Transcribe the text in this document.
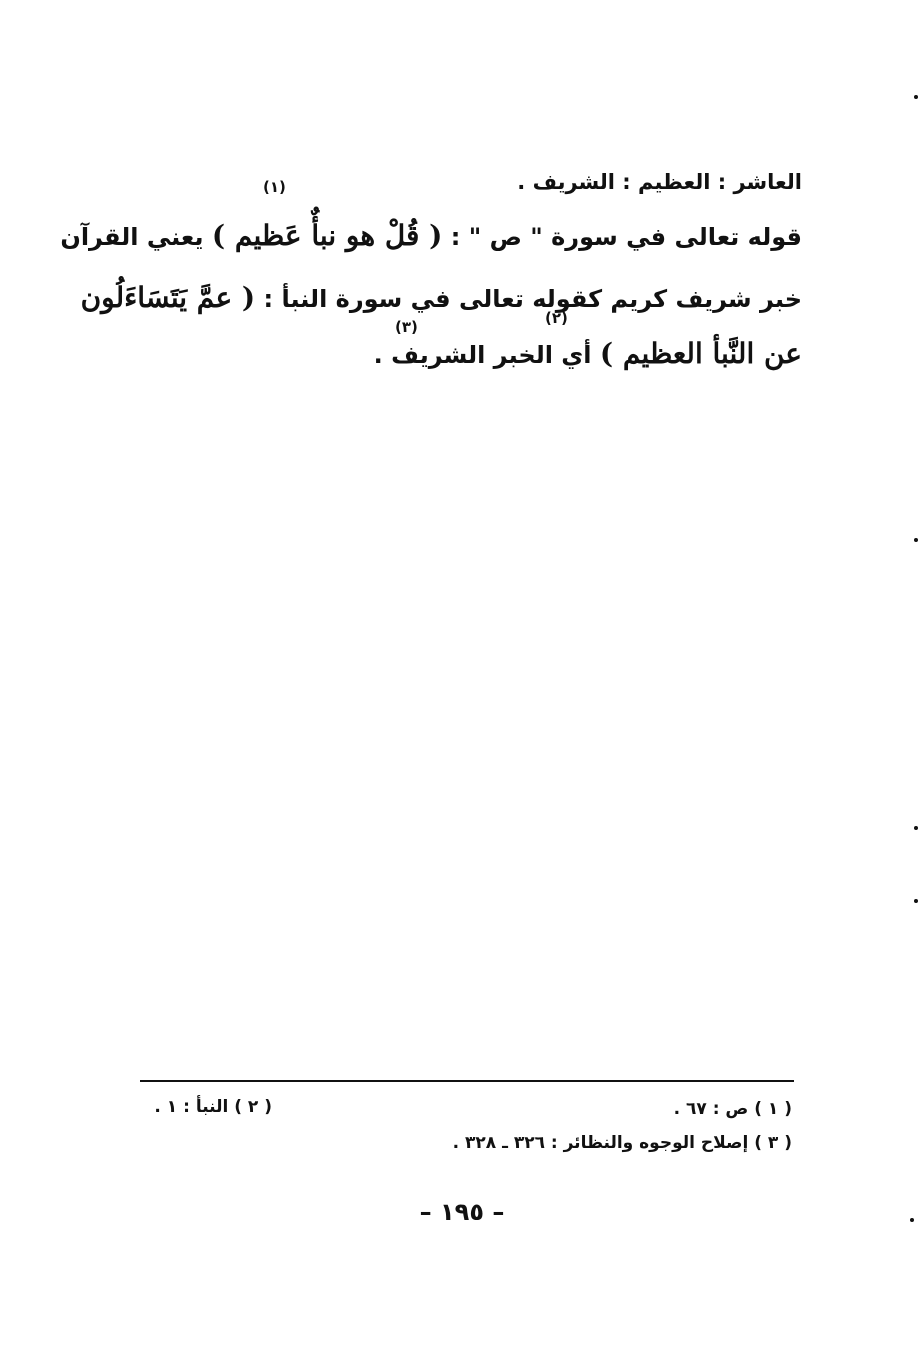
العاشر : العظيم : الشريف .
(١)
قوله تعالى في سورة " ص " : ( قُلْ هو نبأٌ عَظيم ) يعني القرآن
خبر شريف كريم كقوله تعالى في سورة النبأ : ( عمَّ يَتَسَاءَلُون
(٢)
(٣)
عن النَّبأ العظيم ) أي الخبر الشريف .
( ١ ) ص : ٦٧ .
( ٢ ) النبأ : ١ .
( ٣ ) إصلاح الوجوه والنظائر : ٣٢٦ ـ ٣٢٨ .
– ١٩٥ –
